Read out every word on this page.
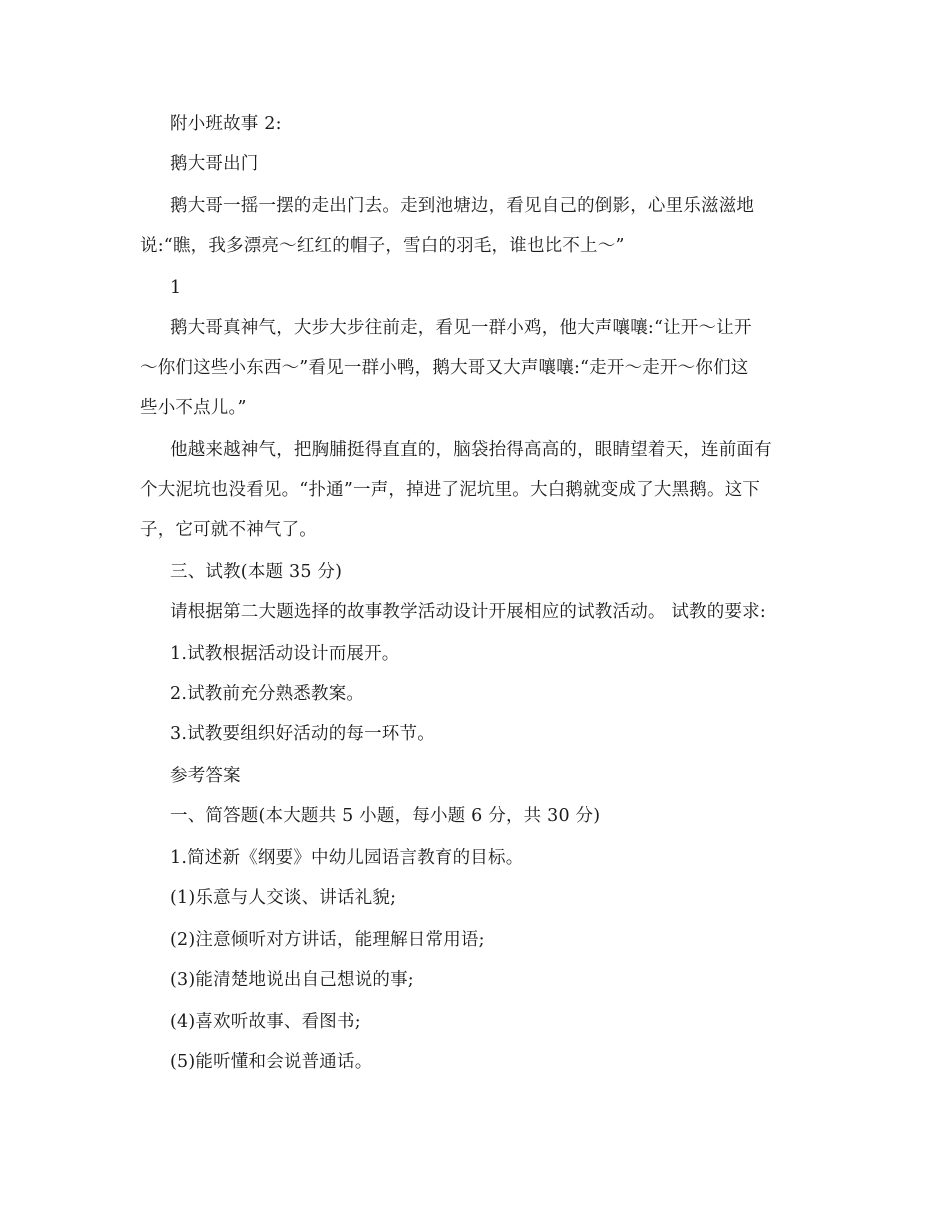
附小班故事 2:
鹅大哥出门
鹅大哥一摇一摆的走出门去。走到池塘边，看见自己的倒影，心里乐滋滋地
说:“瞧，我多漂亮～红红的帽子，雪白的羽毛，谁也比不上～”
1
鹅大哥真神气，大步大步往前走，看见一群小鸡，他大声嚷嚷:“让开～让开
～你们这些小东西～”看见一群小鸭，鹅大哥又大声嚷嚷:“走开～走开～你们这
些小不点儿。”
他越来越神气，把胸脯挺得直直的，脑袋抬得高高的，眼睛望着天，连前面有
个大泥坑也没看见。“扑通”一声，掉进了泥坑里。大白鹅就变成了大黑鹅。这下
子，它可就不神气了。
三、试教(本题 35 分)
请根据第二大题选择的故事教学活动设计开展相应的试教活动。 试教的要求:
1.试教根据活动设计而展开。
2.试教前充分熟悉教案。
3.试教要组织好活动的每一环节。
参考答案
一、简答题(本大题共 5 小题，每小题 6 分，共 30 分)
1.简述新《纲要》中幼儿园语言教育的目标。
(1)乐意与人交谈、讲话礼貌;
(2)注意倾听对方讲话，能理解日常用语;
(3)能清楚地说出自己想说的事;
(4)喜欢听故事、看图书;
(5)能听懂和会说普通话。
